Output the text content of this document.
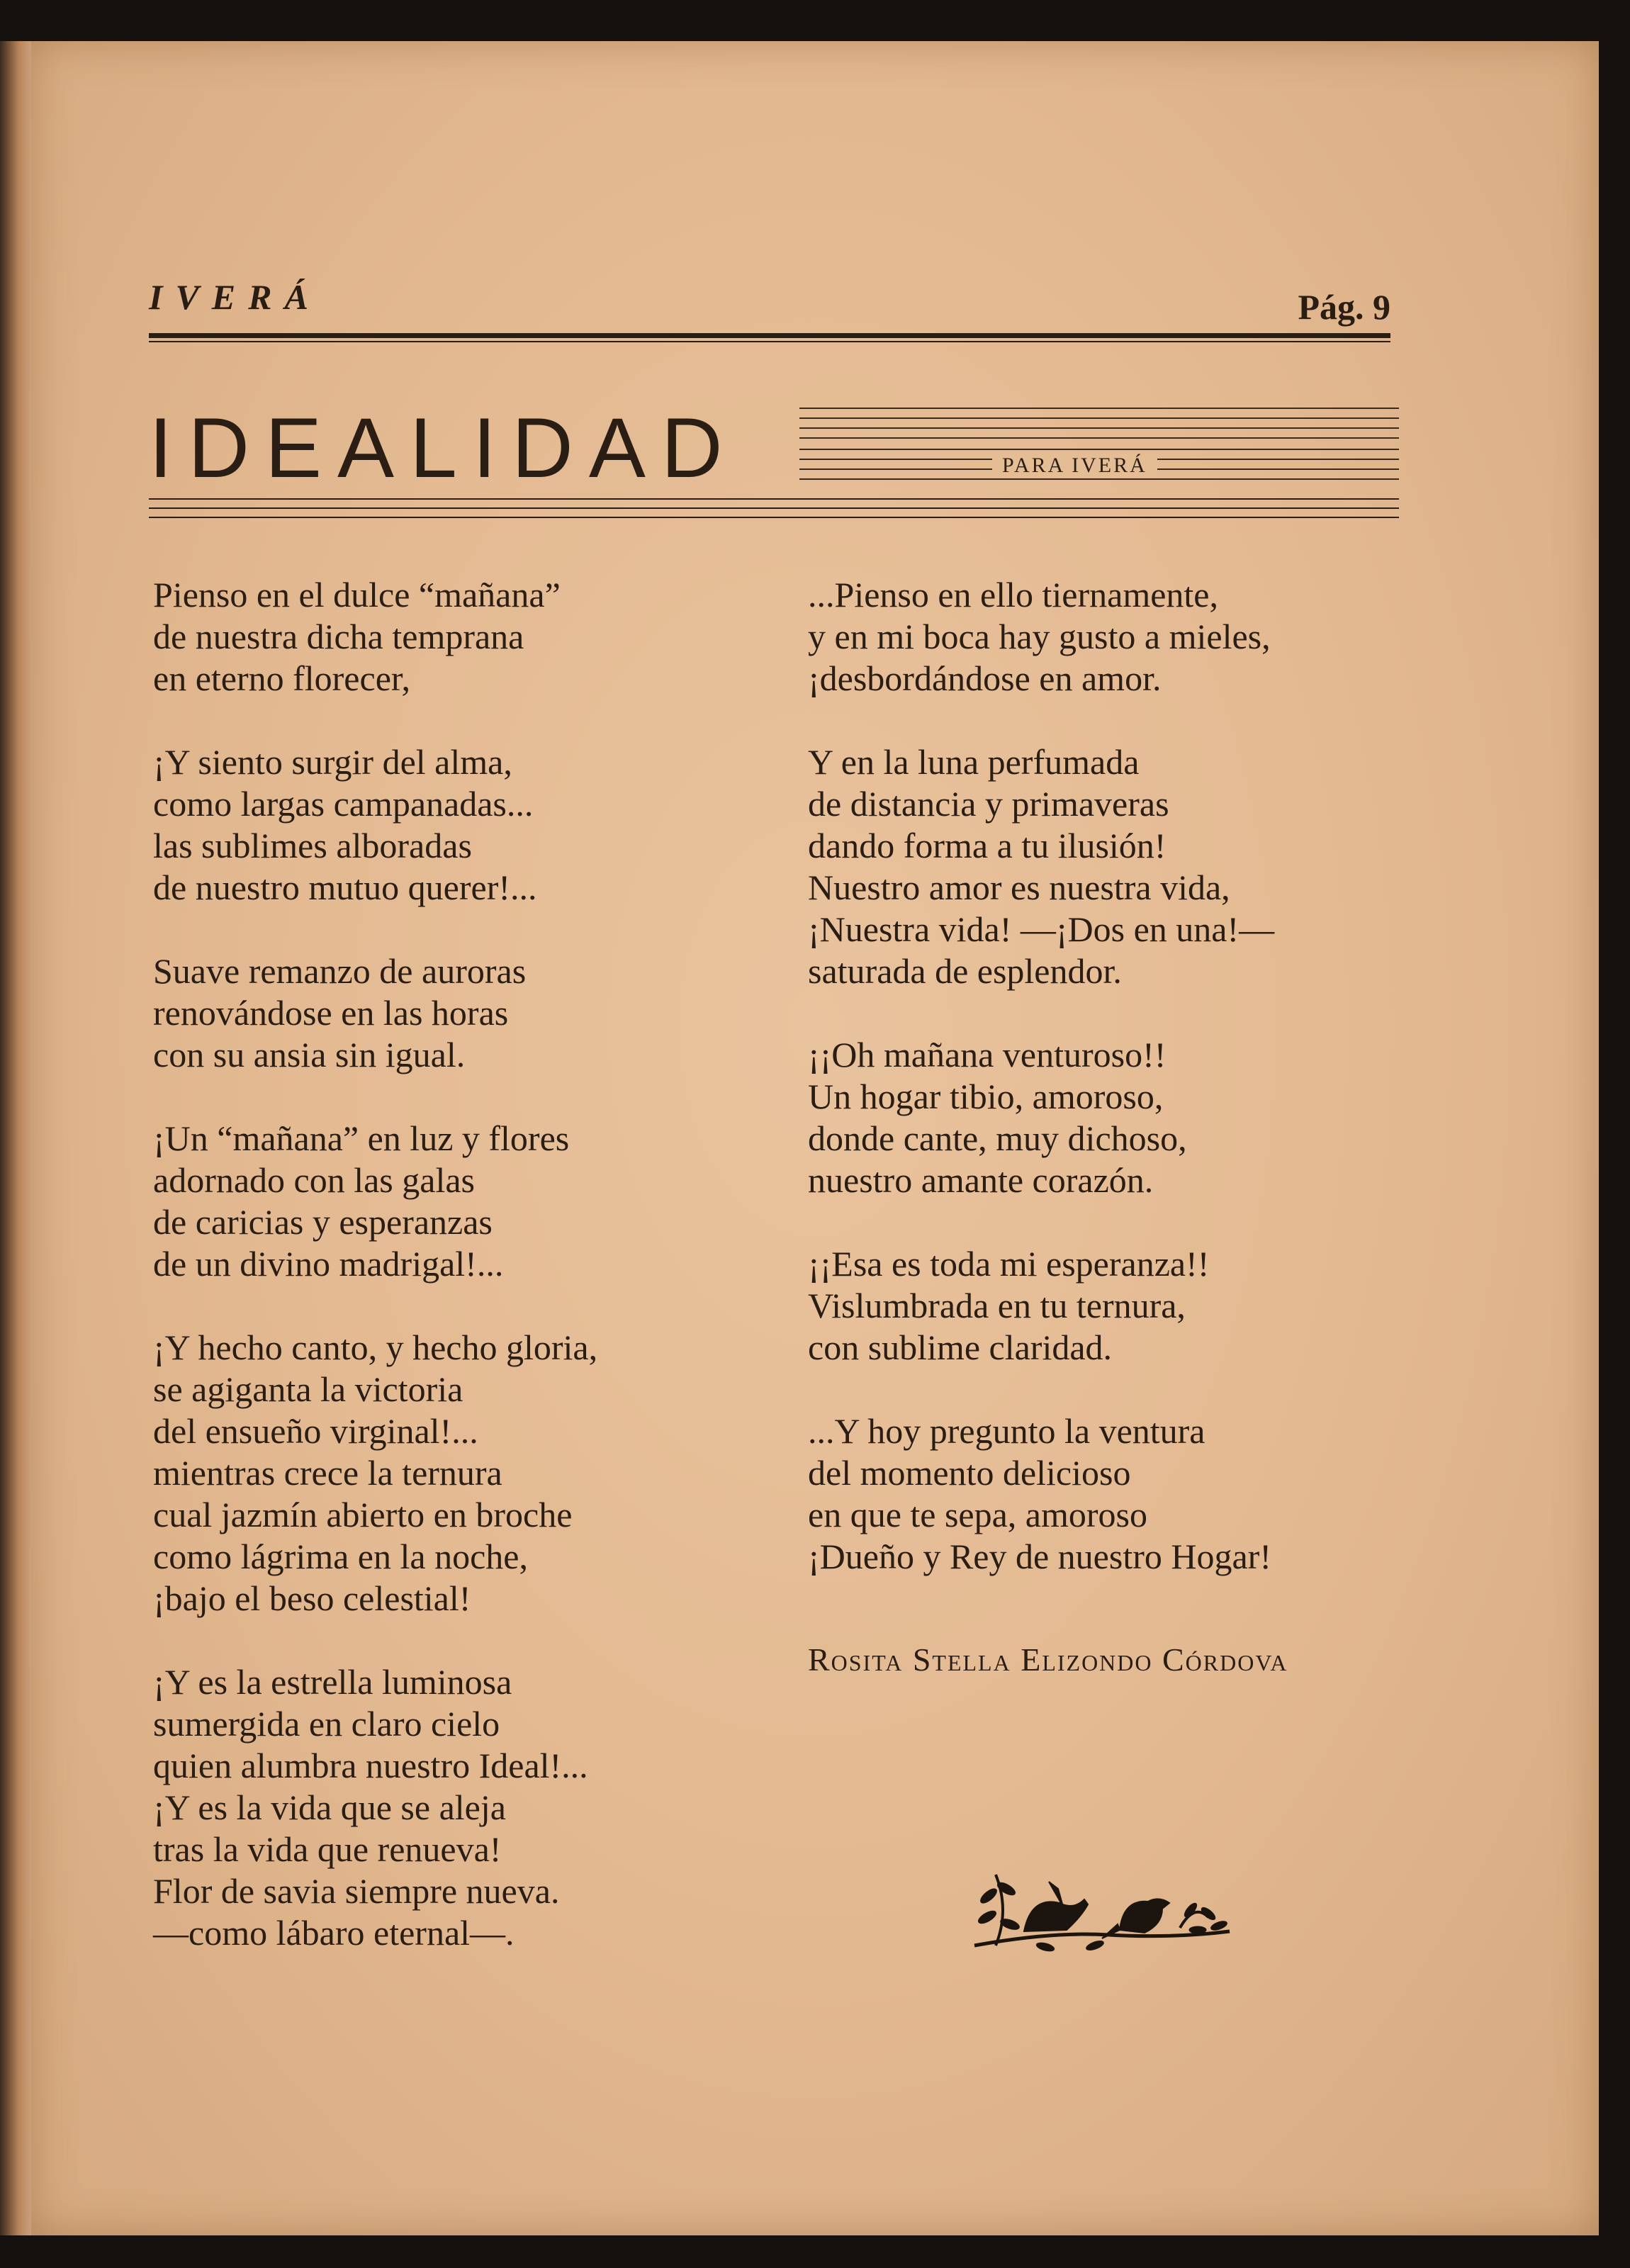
IVERÁ	Pág. 9
IDEALIDAD	PARA IVERÁ
Pienso en el dulce “mañana”
de nuestra dicha temprana
en eterno florecer,
¡Y siento surgir del alma,
como largas campanadas...
las sublimes alboradas
de nuestro mutuo querer!...
Suave remanzo de auroras
renovándose en las horas
con su ansia sin igual.
¡Un “mañana” en luz y flores
adornado con las galas
de caricias y esperanzas
de un divino madrigal!...
¡Y hecho canto, y hecho gloria,
se agiganta la victoria
del ensueño virginal!...
mientras crece la ternura
cual jazmín abierto en broche
como lágrima en la noche,
¡bajo el beso celestial!
¡Y es la estrella luminosa
sumergida en claro cielo
quien alumbra nuestro Ideal!...
¡Y es la vida que se aleja
tras la vida que renueva!
Flor de savia siempre nueva.
—como lábaro eternal—.
...Pienso en ello tiernamente,
y en mi boca hay gusto a mieles,
¡desbordándose en amor.
Y en la luna perfumada
de distancia y primaveras
dando forma a tu ilusión!
Nuestro amor es nuestra vida,
¡Nuestra vida! —¡Dos en una!—
saturada de esplendor.
¡¡Oh mañana venturoso!!
Un hogar tibio, amoroso,
donde cante, muy dichoso,
nuestro amante corazón.
¡¡Esa es toda mi esperanza!!
Vislumbrada en tu ternura,
con sublime claridad.
...Y hoy pregunto la ventura
del momento delicioso
en que te sepa, amoroso
¡Dueño y Rey de nuestro Hogar!
Rosita Stella Elizondo Córdova
